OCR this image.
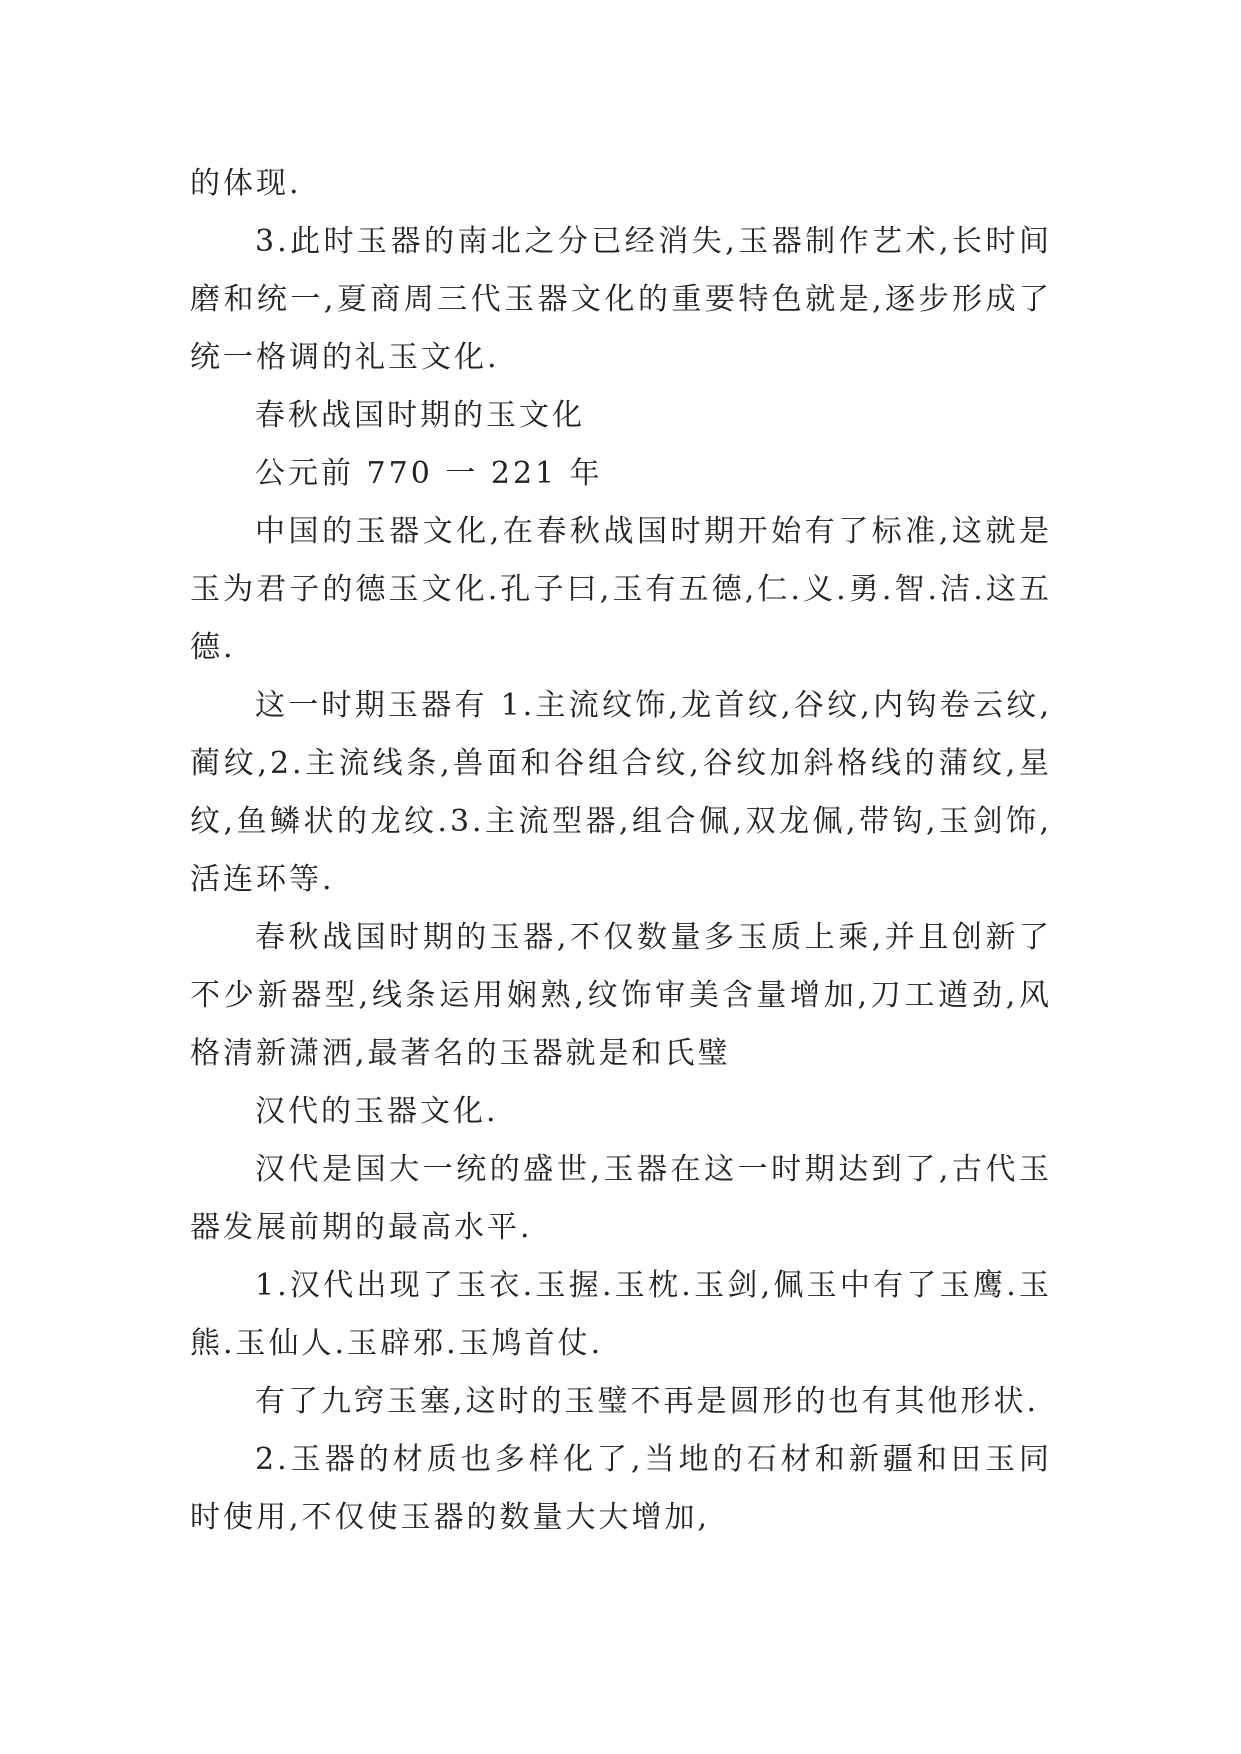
的体现.

3.此时玉器的南北之分已经消失,玉器制作艺术,长时间磨和统一,夏商周三代玉器文化的重要特色就是,逐步形成了统一格调的礼玉文化.

春秋战国时期的玉文化

公元前 770 一 221 年

中国的玉器文化,在春秋战国时期开始有了标准,这就是玉为君子的德玉文化.孔子曰,玉有五德,仁.义.勇.智.洁.这五德.

这一时期玉器有 1.主流纹饰,龙首纹,谷纹,内钩卷云纹,蔺纹,2.主流线条,兽面和谷组合纹,谷纹加斜格线的蒲纹,星纹,鱼鳞状的龙纹.3.主流型器,组合佩,双龙佩,带钩,玉剑饰,活连环等.

春秋战国时期的玉器,不仅数量多玉质上乘,并且创新了不少新器型,线条运用娴熟,纹饰审美含量增加,刀工遒劲,风格清新潇洒,最著名的玉器就是和氏璧

汉代的玉器文化.

汉代是国大一统的盛世,玉器在这一时期达到了,古代玉器发展前期的最高水平.

1.汉代出现了玉衣.玉握.玉枕.玉剑,佩玉中有了玉鹰.玉熊.玉仙人.玉辟邪.玉鸠首仗.

有了九窍玉塞,这时的玉璧不再是圆形的也有其他形状.

2.玉器的材质也多样化了,当地的石材和新疆和田玉同时使用,不仅使玉器的数量大大增加,
